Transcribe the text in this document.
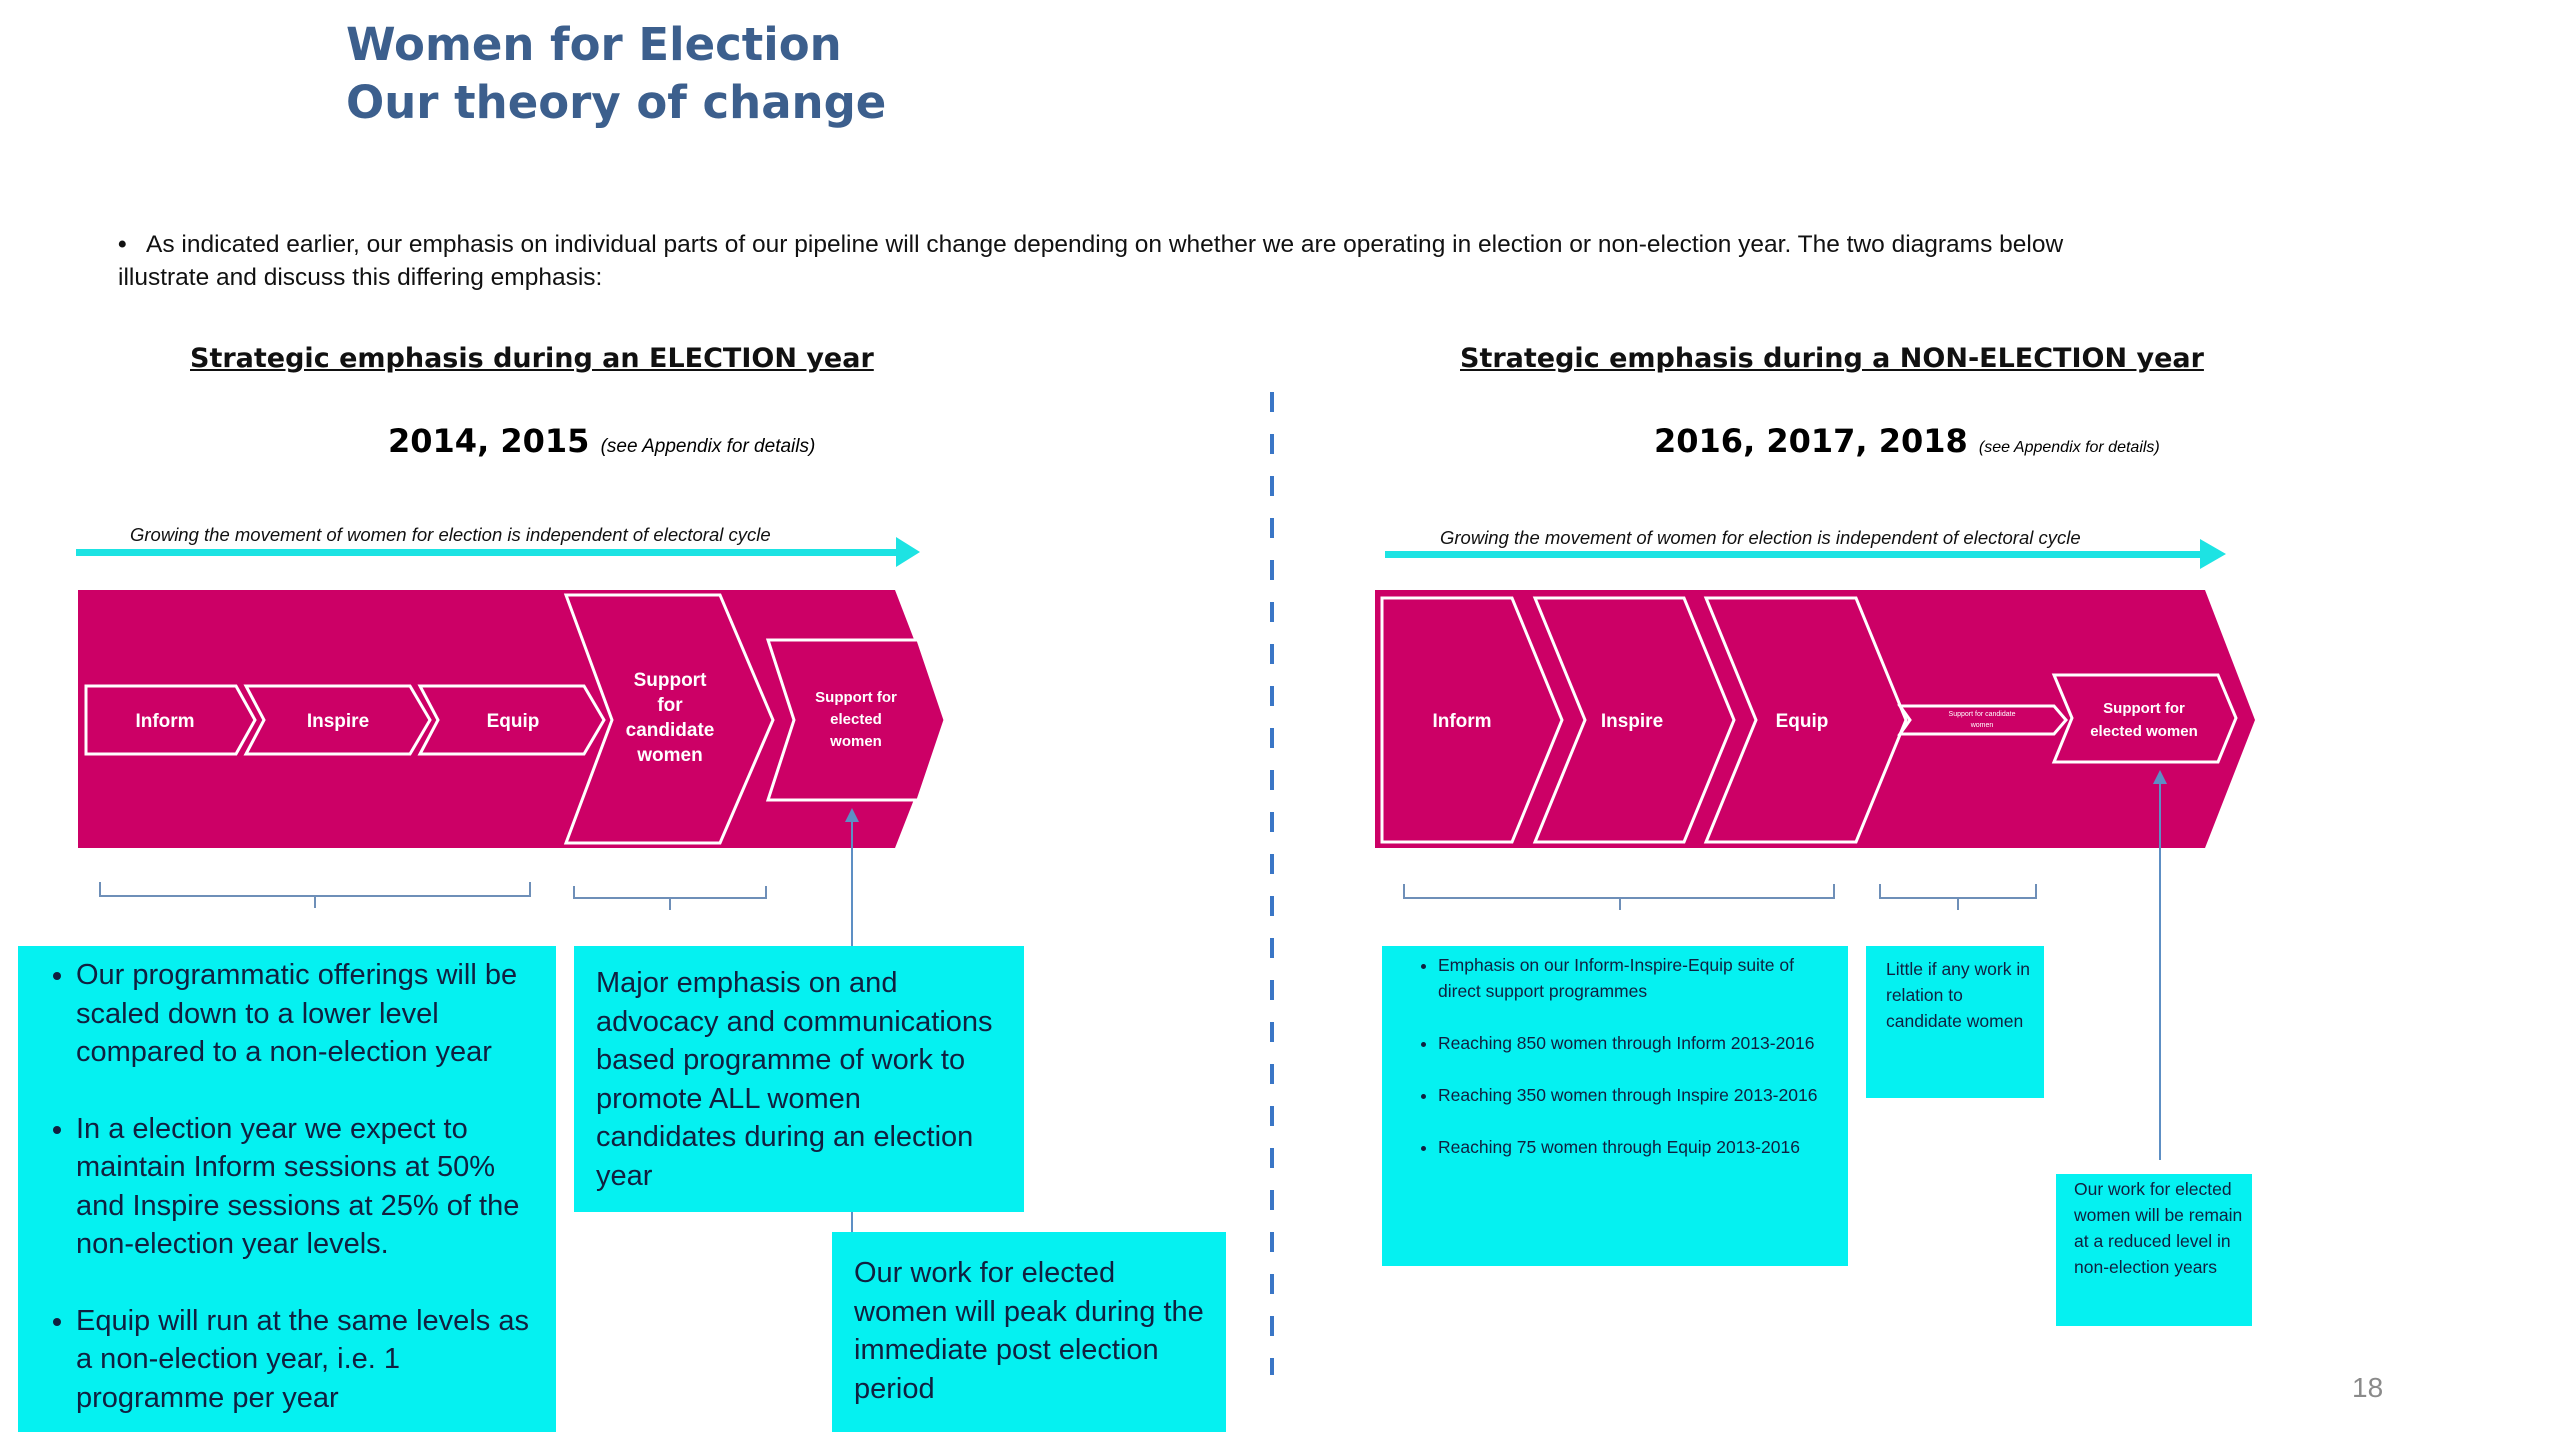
Women for Election
Our theory of change
• As indicated earlier, our emphasis on individual parts of our pipeline will change depending on whether we are operating in election or non-election year. The two diagrams below illustrate and discuss this differing emphasis:
Strategic emphasis during an ELECTION year	Strategic emphasis during a NON-ELECTION year
2014, 2015 (see Appendix for details)	2016, 2017, 2018 (see Appendix for details)
Growing the movement of women for election is independent of electoral cycle	Growing the movement of women for election is independent of electoral cycle
Inform	Inspire	Equip
Support
for
candidate
women
Support for
elected
women
Inform	Inspire	Equip	Support for candidate
women
Support for
elected women
• Our programmatic offerings will be scaled down to a lower level compared to a non-election year
• In a election year we expect to maintain Inform sessions at 50% and Inspire sessions at 25% of the non-election year levels.
• Equip will run at the same levels as a non-election year, i.e. 1 programme per year
Major emphasis on and advocacy and communications based programme of work to promote ALL women candidates during an election year
Our work for elected women will peak during the immediate post election period
• Emphasis on our Inform-Inspire-Equip suite of direct support programmes
• Reaching 850 women through Inform 2013-2016
• Reaching 350 women through Inspire 2013-2016
• Reaching 75 women through Equip 2013-2016
Little if any work in relation to candidate women
Our work for elected women will be remain at a reduced level in non-election years
18
